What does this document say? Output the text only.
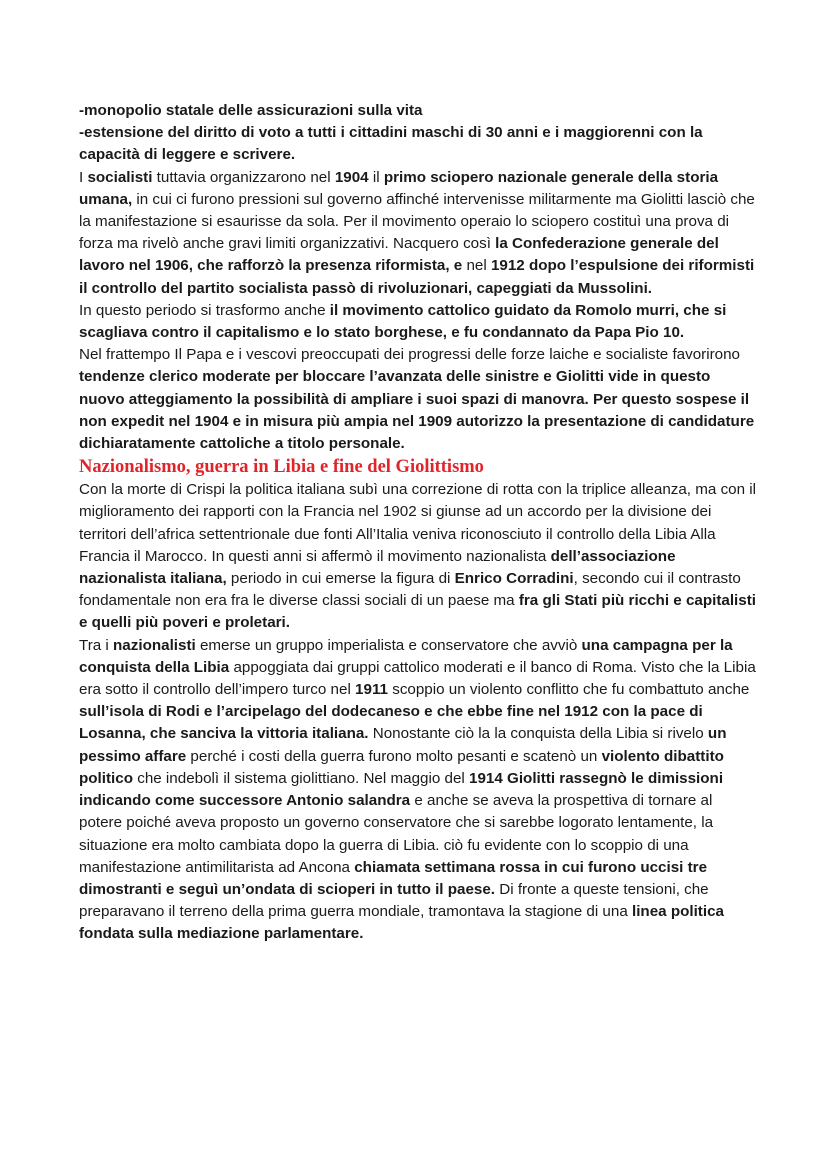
-monopolio statale delle assicurazioni sulla vita

-estensione del diritto di voto a tutti i cittadini maschi di 30 anni e i maggiorenni con la capacità di leggere e scrivere.

I socialisti tuttavia organizzarono nel 1904 il primo sciopero nazionale generale della storia umana, in cui ci furono pressioni sul governo affinché intervenisse militarmente ma Giolitti lasciò che la manifestazione si esaurisse da sola. Per il movimento operaio lo sciopero costituì una prova di forza ma rivelò anche gravi limiti organizzativi. Nacquero così la Confederazione generale del lavoro nel 1906, che rafforzò la presenza riformista, e nel 1912 dopo l’espulsione dei riformisti il controllo del partito socialista passò di rivoluzionari, capeggiati da Mussolini.

In questo periodo si trasformo anche il movimento cattolico guidato da Romolo murri, che si scagliava contro il capitalismo e lo stato borghese, e fu condannato da Papa Pio 10.

Nel frattempo Il Papa e i vescovi preoccupati dei progressi delle forze laiche e socialiste favorirono tendenze clerico moderate per bloccare l’avanzata delle sinistre e Giolitti vide in questo nuovo atteggiamento la possibilità di ampliare i suoi spazi di manovra. Per questo sospese il non expedit nel 1904 e in misura più ampia nel 1909 autorizzo la presentazione di candidature dichiaratamente cattoliche a titolo personale.

Nazionalismo, guerra in Libia e fine del Giolittismo

Con la morte di Crispi la politica italiana subì una correzione di rotta con la triplice alleanza, ma con il miglioramento dei rapporti con la Francia nel 1902 si giunse ad un accordo per la divisione dei territori dell’africa settentrionale due fonti All’Italia veniva riconosciuto il controllo della Libia Alla Francia il Marocco. In questi anni si affermò il movimento nazionalista dell’associazione nazionalista italiana, periodo in cui emerse la figura di Enrico Corradini, secondo cui il contrasto fondamentale non era fra le diverse classi sociali di un paese ma fra gli Stati più ricchi e capitalisti e quelli più poveri e proletari.

Tra i nazionalisti emerse un gruppo imperialista e conservatore che avviò una campagna per la conquista della Libia appoggiata dai gruppi cattolico moderati e il banco di Roma. Visto che la Libia era sotto il controllo dell’impero turco nel 1911 scoppio un violento conflitto che fu combattuto anche sull’isola di Rodi e l’arcipelago del dodecaneso e che ebbe fine nel 1912 con la pace di Losanna, che sanciva la vittoria italiana. Nonostante ciò la la conquista della Libia si rivelo un pessimo affare perché i costi della guerra furono molto pesanti e scatenò un violento dibattito politico che indebolì il sistema giolittiano. Nel maggio del 1914 Giolitti rassegnò le dimissioni indicando come successore Antonio salandra e anche se aveva la prospettiva di tornare al potere poiché aveva proposto un governo conservatore che si sarebbe logorato lentamente, la situazione era molto cambiata dopo la guerra di Libia. ciò fu evidente con lo scoppio di una manifestazione antimilitarista ad Ancona chiamata settimana rossa in cui furono uccisi tre dimostranti e seguì un’ondata di scioperi in tutto il paese. Di fronte a queste tensioni, che preparavano il terreno della prima guerra mondiale, tramontava la stagione di una linea politica fondata sulla mediazione parlamentare.
